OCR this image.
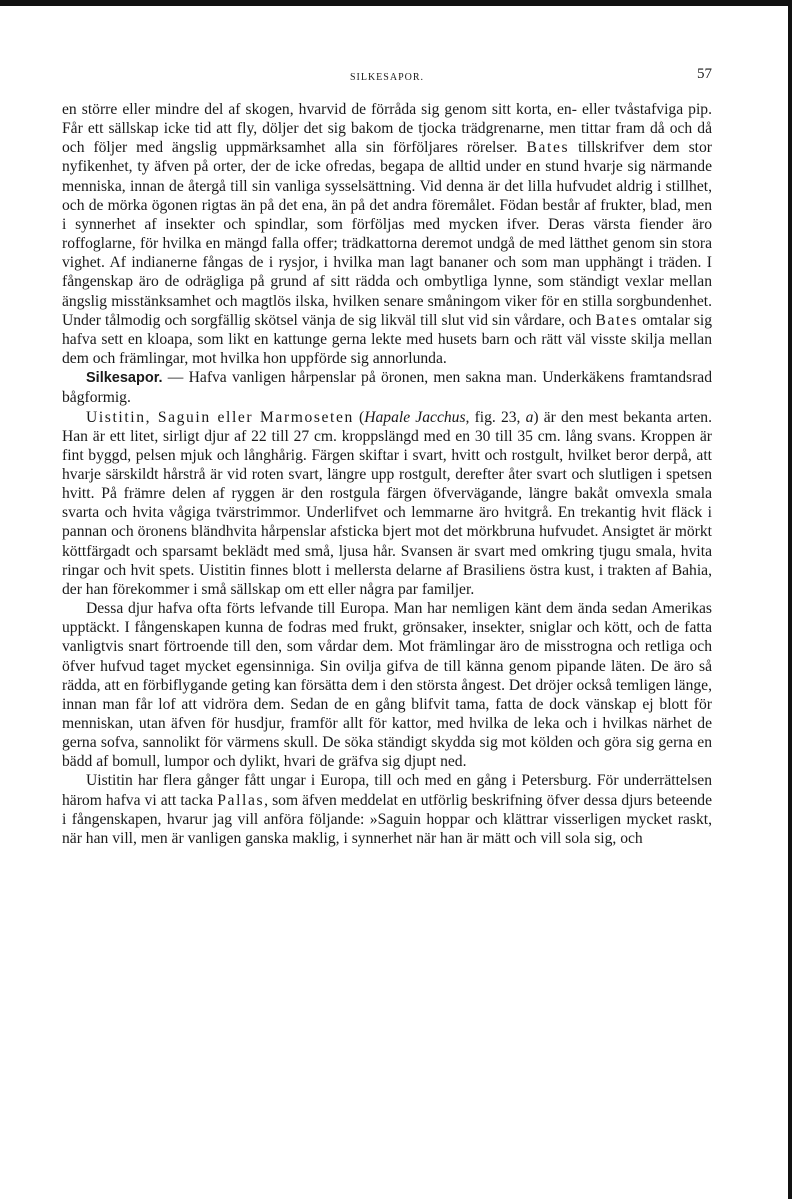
SILKESAPOR.	57

en större eller mindre del af skogen, hvarvid de förråda sig genom sitt korta, en- eller tvåstafviga pip. Får ett sällskap icke tid att fly, döljer det sig bakom de tjocka trädgrenarne, men tittar fram då och då och följer med ängslig uppmärksamhet alla sin förföljares rörelser. Bates tillskrifver dem stor nyfikenhet, ty äfven på orter, der de icke ofredas, begapa de alltid under en stund hvarje sig närmande menniska, innan de återgå till sin vanliga sysselsättning. Vid denna är det lilla hufvudet aldrig i stillhet, och de mörka ögonen rigtas än på det ena, än på det andra föremålet. Födan består af frukter, blad, men i synnerhet af insekter och spindlar, som förföljas med mycken ifver. Deras värsta fiender äro roffoglarne, för hvilka en mängd falla offer; trädkattorna deremot undgå de med lätthet genom sin stora vighet. Af indianerne fångas de i rysjor, i hvilka man lagt bananer och som man upphängt i träden. I fångenskap äro de odrägliga på grund af sitt rädda och ombytliga lynne, som ständigt vexlar mellan ängslig misstänksamhet och magtlös ilska, hvilken senare småningom viker för en stilla sorgbundenhet. Under tålmodig och sorgfällig skötsel vänja de sig likväl till slut vid sin vårdare, och Bates omtalar sig hafva sett en kloapa, som likt en kattunge gerna lekte med husets barn och rätt väl visste skilja mellan dem och främlingar, mot hvilka hon uppförde sig annorlunda.

Silkesapor. — Hafva vanligen hårpenslar på öronen, men sakna man. Underkäkens framtandsrad bågformig.

Uistitin, Saguin eller Marmoseten (Hapale Jacchus, fig. 23, a) är den mest bekanta arten. Han är ett litet, sirligt djur af 22 till 27 cm. kroppslängd med en 30 till 35 cm. lång svans. Kroppen är fint byggd, pelsen mjuk och långhårig. Färgen skiftar i svart, hvitt och rostgult, hvilket beror derpå, att hvarje särskildt hårstrå är vid roten svart, längre upp rostgult, derefter åter svart och slutligen i spetsen hvitt. På främre delen af ryggen är den rostgula färgen öfvervägande, längre bakåt omvexla smala svarta och hvita vågiga tvärstrimmor. Underlifvet och lemmarne äro hvitgrå. En trekantig hvit fläck i pannan och öronens bländhvita hårpenslar afsticka bjert mot det mörkbruna hufvudet. Ansigtet är mörkt köttfärgadt och sparsamt beklädt med små, ljusa hår. Svansen är svart med omkring tjugu smala, hvita ringar och hvit spets. Uistitin finnes blott i mellersta delarne af Brasiliens östra kust, i trakten af Bahia, der han förekommer i små sällskap om ett eller några par familjer.

Dessa djur hafva ofta förts lefvande till Europa. Man har nemligen känt dem ända sedan Amerikas upptäckt. I fångenskapen kunna de fodras med frukt, grönsaker, insekter, sniglar och kött, och de fatta vanligtvis snart förtroende till den, som vårdar dem. Mot främlingar äro de misstrogna och retliga och öfver hufvud taget mycket egensinniga. Sin ovilja gifva de till känna genom pipande läten. De äro så rädda, att en förbiflygande geting kan försätta dem i den största ångest. Det dröjer också temligen länge, innan man får lof att vidröra dem. Sedan de en gång blifvit tama, fatta de dock vänskap ej blott för menniskan, utan äfven för husdjur, framför allt för kattor, med hvilka de leka och i hvilkas närhet de gerna sofva, sannolikt för värmens skull. De söka ständigt skydda sig mot kölden och göra sig gerna en bädd af bomull, lumpor och dylikt, hvari de gräfva sig djupt ned.

Uistitin har flera gånger fått ungar i Europa, till och med en gång i Petersburg. För underrättelsen härom hafva vi att tacka Pallas, som äfven meddelat en utförlig beskrifning öfver dessa djurs beteende i fångenskapen, hvarur jag vill anföra följande: »Saguin hoppar och klättrar visserligen mycket raskt, när han vill, men är vanligen ganska maklig, i synnerhet när han är mätt och vill sola sig, och
